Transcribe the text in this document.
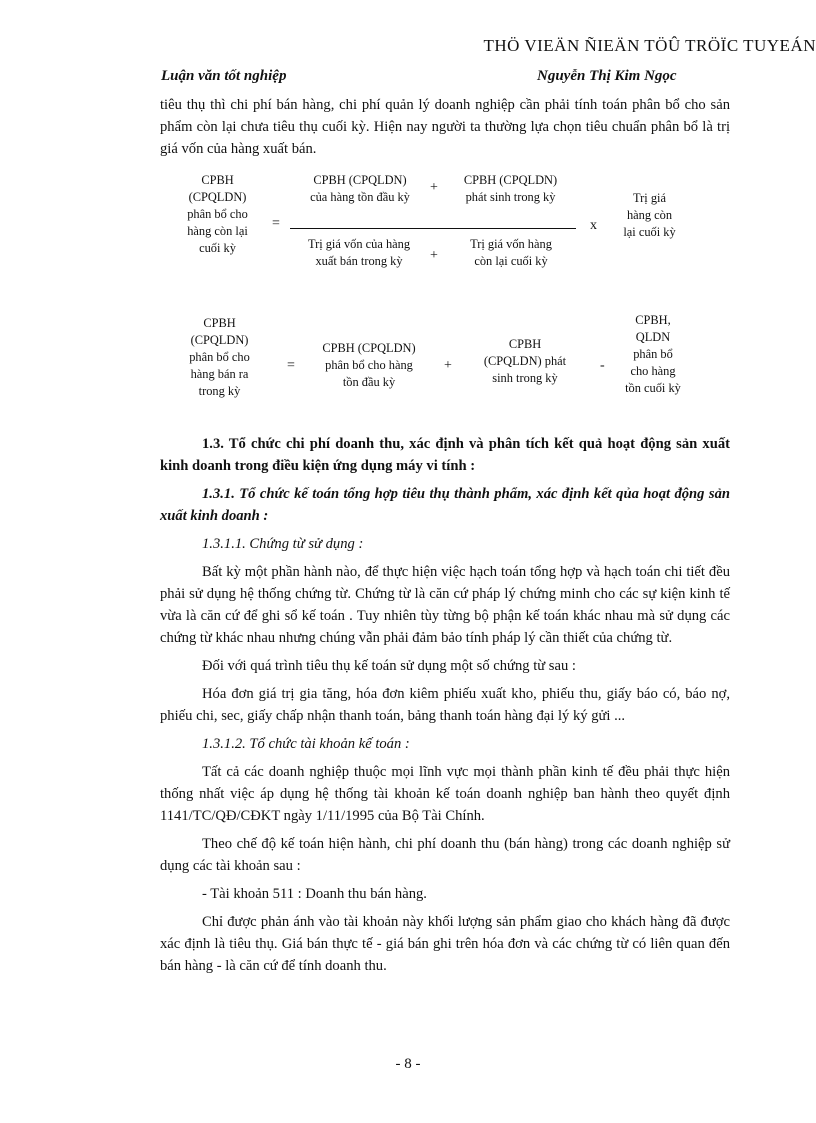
THÖ VIEÄN ÑIEÄN TÖÛ TRÖÏC TUYEÁN
Luận văn tốt nghiệp	Nguyễn Thị Kim Ngọc

tiêu thụ thì chi phí bán hàng, chi phí quản lý doanh nghiệp cần phải tính toán phân bổ cho sản phẩm còn lại chưa tiêu thụ cuối kỳ. Hiện nay người ta thường lựa chọn tiêu chuẩn phân bổ là trị giá vốn của hàng xuất bán.

CPBH
(CPQLDN)
phân bổ cho
hàng còn lại
cuối kỳ
=
CPBH (CPQLDN)
của hàng tồn đầu kỳ
+	CPBH (CPQLDN)
phát sinh trong kỳ
Trị giá vốn của hàng
xuất bán trong kỳ	+
Trị giá vốn hàng
còn lại cuối kỳ
x
Trị giá
hàng còn
lại cuối kỳ
CPBH
(CPQLDN)
phân bổ cho
hàng bán ra
trong kỳ
=
CPBH (CPQLDN)
phân bổ cho hàng
tồn đầu kỳ
+
CPBH
(CPQLDN) phát
sinh trong kỳ
-
CPBH,
QLDN
phân bổ
cho hàng
tồn cuối kỳ

1.3. Tổ chức chi phí doanh thu, xác định và phân tích kết quả hoạt động sản xuất kinh doanh trong điều kiện ứng dụng máy vi tính :

1.3.1. Tổ chức kế toán tổng hợp tiêu thụ thành phẩm, xác định kết qủa hoạt động sản xuất kinh doanh :

1.3.1.1. Chứng từ sử dụng :

Bất kỳ một phần hành nào, để thực hiện việc hạch toán tổng hợp và hạch toán chi tiết đều phải sử dụng hệ thống chứng từ. Chứng từ là căn cứ pháp lý chứng minh cho các sự kiện kinh tế vừa là căn cứ để ghi sổ kế toán . Tuy nhiên tùy từng bộ phận kế toán khác nhau mà sử dụng các chứng từ khác nhau nhưng chúng vẫn phải đảm bảo tính pháp lý cần thiết của chứng từ.

Đối với quá trình tiêu thụ kế toán sử dụng một số chứng từ sau :

Hóa đơn giá trị gia tăng, hóa đơn kiêm phiếu xuất kho, phiếu thu, giấy báo có, báo nợ, phiếu chi, sec, giấy chấp nhận thanh toán, bảng thanh toán hàng đại lý ký gửi ...

1.3.1.2. Tổ chức tài khoản kế toán :

Tất cả các doanh nghiệp thuộc mọi lĩnh vực mọi thành phần kinh tế đều phải thực hiện thống nhất việc áp dụng hệ thống tài khoản kế toán doanh nghiệp ban hành theo quyết định 1141/TC/QĐ/CĐKT ngày 1/11/1995 của Bộ Tài Chính.

Theo chế độ kế toán hiện hành, chi phí doanh thu (bán hàng) trong các doanh nghiệp sử dụng các tài khoản sau :

- Tài khoản 511 : Doanh thu bán hàng.

Chỉ được phản ánh vào tài khoản này khối lượng sản phẩm giao cho khách hàng đã được xác định là tiêu thụ. Giá bán thực tế - giá bán ghi trên hóa đơn và các chứng từ có liên quan đến bán hàng - là căn cứ để tính doanh thu.

- 8 -
